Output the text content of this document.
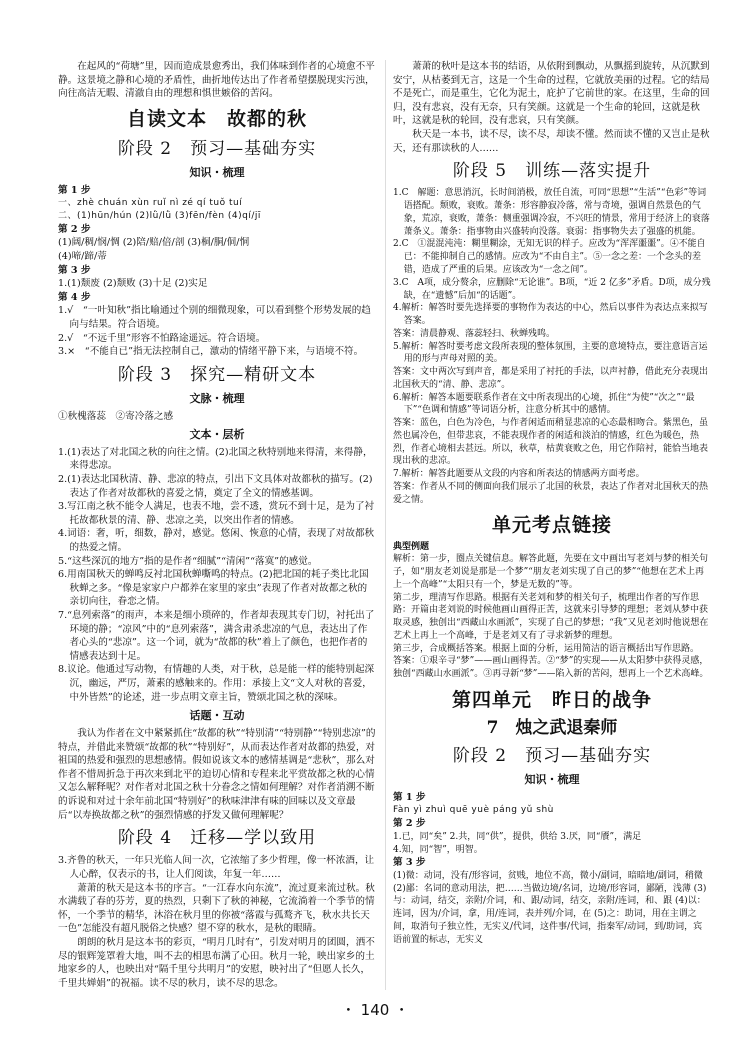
在起风的“荷塘”里，因而造成景愈秀出，我们体味到作者的心境愈不平静。这景境之静和心境的矛盾性，曲折地传达出了作者希望摆脱现实污浊，向往高洁无暇、清澈自由的理想和惧世嫉俗的苦闷。

自读文本　故都的秋
阶段 2　预习—基础夯实
知识・梳理

第 1 步

一、zhè chuán xùn ruǐ nì zé qí tuǒ tuí

二、(1)hūn/hún (2)lǜ/lǜ (3)fēn/fèn (4)qí/jī

第 2 步

(1)阔/稠/悯/惆 (2)陪/赔/倍/剖 (3)桐/胴/侗/恫

(4)啼/蹄/蒂

第 3 步

1.(1)颓废 (2)颓败 (3)十足 (2)实足

第 4 步

1.√　“一叶知秋”指比喻通过个别的细微现象，可以看到整个形势发展的趋向与结果。符合语境。

2.√　“不远千里”形容不怕路途遥远。符合语境。

3.×　“不能自已”指无法控制自己，激动的情绪平静下来，与语境不符。

阶段 3　探究—精研文本
文脉・梳理

①秋槐落蕊　②寄冷落之感

文本・层析

1.(1)表达了对北国之秋的向往之情。(2)北国之秋特别地来得清，来得静，来得悲凉。

2.(1)表达北国秋清、静、悲凉的特点，引出下文具体对故都秋的描写。(2)表达了作者对故都秋的喜爱之情，奠定了全文的情感基调。

3.写江南之秋不能令人满足，也表不地，尝不透，赏玩不到十足，是为了衬托故都秋景的清、静、悲凉之美，以突出作者的情感。

4.词语：奢，听，细数，静对，感觉。悠闲、恢意的心情，表现了对故都秋的热爱之情。

5.“这些深沉的地方”指的是作者“细腻”“清闲”“落寞”的感觉。

6.用南国秋天的蝉鸣反衬北国秋蝉嘶鸣的特点。(2)把北国的耗子类比北国秋蝉之多。“像是家家户户都养在家里的家虫”表现了作者对故都之秋的亲切向往，眷恋之情。

7.“息列索落”的雨声，本来是细小琐碎的，作者却表现其专门切，衬托出了环境的静；“凉风”中的“息列索落”，满含肃杀悲凉的气息，表达出了作者心头的“悲凉”。这一个词，就为“故都的秋”着上了颜色，也把作者的情感表达到十足。

8.议论。他通过写动物，有情趣的人类，对于秋，总是能一样的能特别起深沉，幽远，严厉，萧素的感触来的。作用：承接上文“文人对秋的喜爱，中外皆然”的论述，进一步点明文章主旨，赞颂北国之秋的深味。

话题・互动

我认为作者在文中紧紧抓住“故都的秋”“特别清”“特别静”“特别悲凉”的特点，并借此来赞颂“故都的秋”“特别好”，从而表达作者对故都的热爱，对祖国的热爱和强烈的思想感情。假如说该文本的感情基调是“悲秋”，那么对作者不惜周折急于再次来到北平的迫切心情和专程来北平赏故都之秋的心情又怎么解释呢？对作者对北国之秋十分眷念之情如何理解？对作者消溯不断的诉说和对过十余年前北国“特别好”的秋味津津有味的回味以及文章最后“以寿换故都之秋”的强烈情感的抒发又做何理解呢？

阶段 4　迁移—学以致用

3.齐鲁的秋天，一年只光临人间一次，它浓缩了多少哲理，像一杯浓酒，让人心醉，仅表示的书，让人们阅读，年复一年……

萧萧的秋天是这本书的序言。“一江春水向东流”，流过夏来流过秋。秋水满载了春的芬芳，夏的热烈，只剩下了秋的神秘，它流淌着一个季节的情怀，一个季节的精华，沐浴在秋月里的你被“落霞与孤鹜齐飞，秋水共长天一色”怎能没有超凡脱俗之快感？望不穿的秋水，是秋的眼睛。

朗朗的秋月是这本书的彩页，“明月几时有”，引发对明月的团圆，洒不尽的银辉笼罩着大地，叫不去的相思布满了心田。秋月一轮，映出家乡的土地家乡的人，也映出对“隔千里兮共明月”的安慰，映衬出了“但愿人长久，千里共婵娟”的祝福。读不尽的秋月，读不尽的思念。

萧萧的秋叶是这本书的结语，从依附到飘动，从飘摇到旋转，从沉默到安宁，从枯萎到无言，这是一个生命的过程，它就放美丽的过程。它的结局不是死亡，而是重生，它化为泥土，庇护了它前世的家。在这里，生命的回归，没有悲哀，没有无奈，只有笑颜。这就是一个生命的轮回，这就是秋叶，这就是秋的轮回，没有悲哀，只有笑颜。

秋天是一本书，读不尽，读不尽，却读不懂。然而读不懂的又岂止是秋天，还有那读秋的人……

阶段 5　训练—落实提升

1.C　解题：意思消沉，长时间消极，放任自流，可同“思想”“生活”“色彩”等词语搭配。颓败，衰败。萧条：形容静寂冷落，常与奇境，强调自然景色的气象，荒凉，衰败，萧条：侧重强调冷寂，不兴旺的情景，常用于经济上的衰落萧条义。萧条：指事物由兴盛转向没落。衰弱：指事物失去了强盛的机能。

2.C　①混混沌沌：糊里糊涂，无知无识的样子。应改为“浑浑噩噩”。④不能自已：不能抑制自己的感情。应改为“不由自主”。⑤一念之差：一个念头的差错，造成了严重的后果。应该改为“一念之间”。

3.C　A项，成分赘余，应删除“无论谁”。B项，“近 2 亿多”矛盾。D项，成分残缺，在“遗憾”后加“的话题”。

4.解析：解答时要先选择要的事物作为表达的中心，然后以事件为表达点来拟写答案。

答案：清晨静观、落蕊轻扫、秋蝉残鸣。

5.解析：解答时要考虑文段所表现的整体氛围，主要的意境特点，要注意语言运用的形与声母对照的美。

答案：文中两次写到声音，都是采用了衬托的手法，以声衬静，借此充分表现出北国秋天的“清、静、悲凉”。

6.解析：解答本题要联系作者在文中所表现出的心境，抓住“为使”“次之”“最下”“色调和情感”等词语分析，注意分析其中的感情。

答案：蓝色，白色为冷色，与作者闲适而稍显悲凉的心态最相吻合。紫黑色，虽然也属冷色，但带悲哀，不能表现作者的闲适和淡泊的情感，红色为暖色，热烈，作者心境相去甚远。所以，秋草，枯黄衰败之色，用它作陪衬，能恰当地表现出秋的悲凉。

7.解析：解答此题要从文段的内容和所表达的情感两方面考虑。

答案：作者从不同的侧面向我们展示了北国的秋景，表达了作者对北国秋天的热爱之情。

单元考点链接

典型例题

解析：第一步，圈点关键信息。解答此题，先要在文中画出写老刘与梦的相关句子，如“朋友老刘说是那是一个梦”“朋友老刘实现了自己的梦”“他想在艺术上再上一个高峰”“太阳只有一个，梦是无数的”等。

第二步，理清写作思路。根据有关老刘和梦的相关句子，梳理出作者的写作思路：开篇由老刘说的时候他画山画得正苦，这就来引导梦的理想；老刘从梦中获取灵感，独创出“西藏山水画派”，实现了自己的梦想；“我”又见老刘时他说想在艺术上再上一个高峰，于是老刘又有了寻求新梦的理想。

第三步，合成概括答案。根据上面的分析，运用简洁的语言概括出写作思路。

答案：①艰辛寻“梦”——画山画得苦。②“梦”的实现——从太阳梦中获得灵感，独创“西藏山水画派”。③再寻新“梦”——陷入新的苦闷，想再上一个艺术高峰。

第四单元　昨日的战争
7　烛之武退秦师
阶段 2　预习—基础夯实
知识・梳理

第 1 步

Fàn yì zhuì quē yuè páng yǔ shù

第 2 步

1.已，同“矣” 2.共，同“供”，提供，供给 3.厌，同“餍”，满足

4.知，同“智”，明智。

第 3 步

(1)微：动词，没有/形容词，贫贱，地位不高，微小/副词，暗暗地/副词，稍微 (2)鄙：名词的意动用法，把……当做边境/名词，边境/形容词，鄙陋，浅薄 (3)与：动词，结交，亲附/介词，和、跟/动词，结交，亲附/连词，和、跟 (4)以：连词，因为/介词，拿，用/连词，表并列/介词，在 (5)之：助词，用在主谓之间，取消句子独立性，无实义/代词，这件事/代词，指秦军/动词，到/助词，宾语前置的标志，无实义

・ 140 ・
